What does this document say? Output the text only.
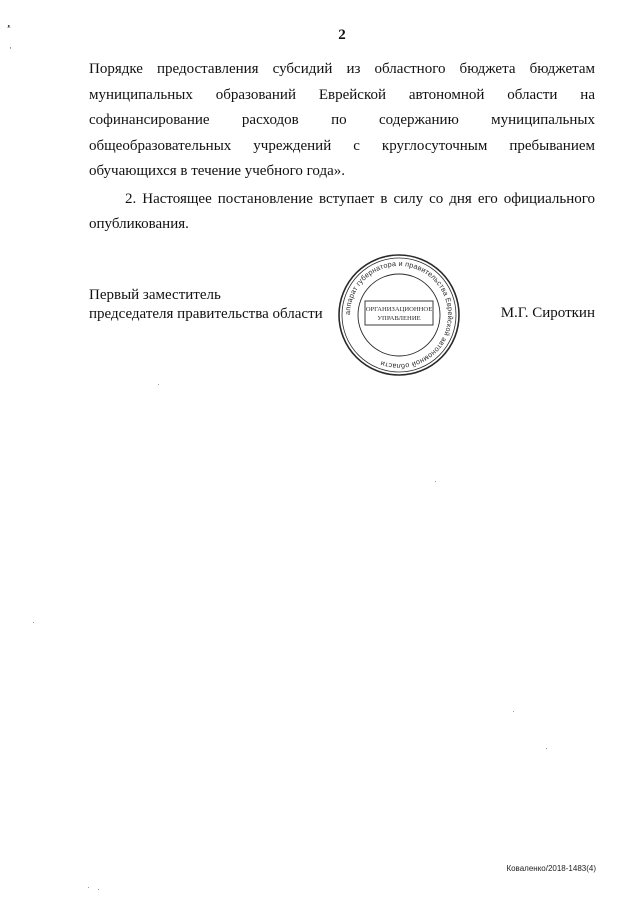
ᵜ
·
2
Порядке предоставления субсидий из областного бюджета бюджетам
муниципальных образований Еврейской автономной области на
софинансирование расходов по содержанию муниципальных
общеобразовательных учреждений с круглосуточным пребыванием
обучающихся в течение учебного года».
2. Настоящее постановление вступает в силу со дня его официального
опубликования.
Первый заместитель
председателя правительства области	аппарат губернатора и правительства Еврейской автономной области
ОРГАНИЗАЦИОННОЕ
УПРАВЛЕНИЕ	М.Г. Сироткин
Коваленко/2018-1483(4)
